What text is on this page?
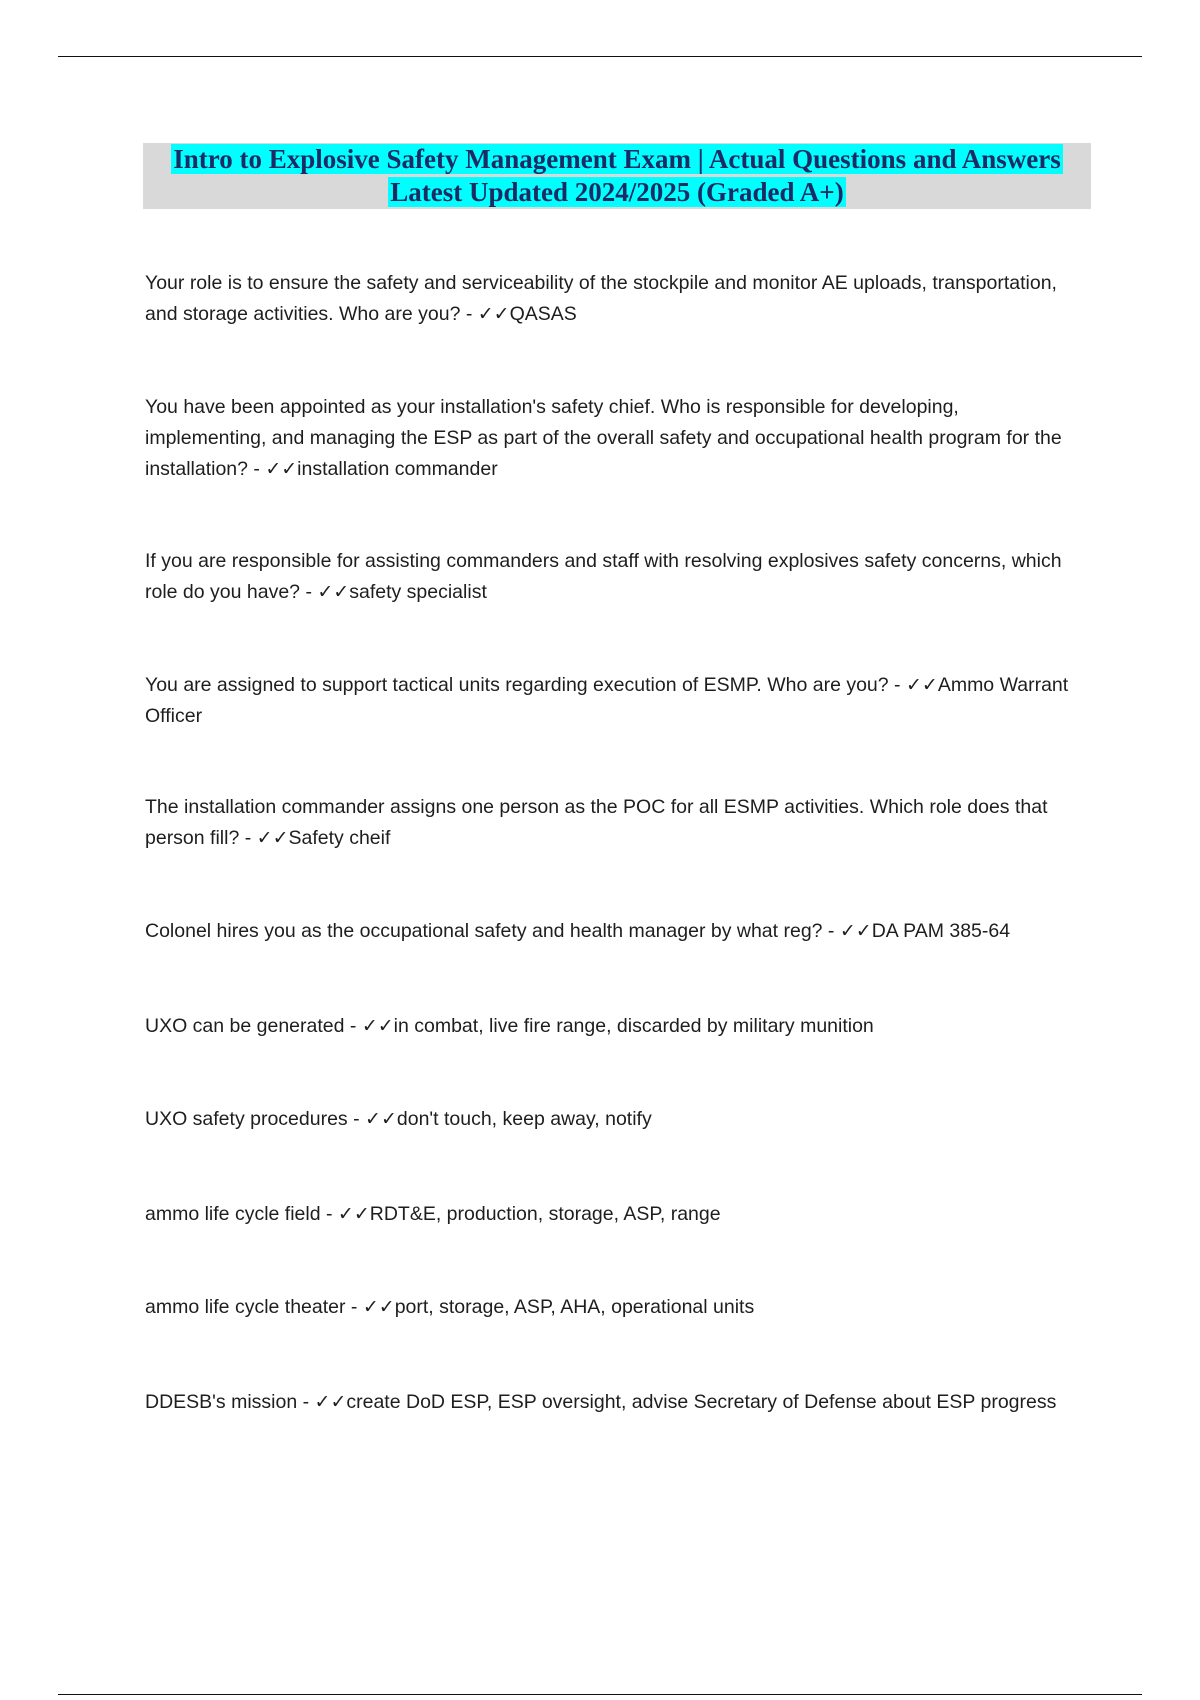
Intro to Explosive Safety Management Exam | Actual Questions and Answers
Latest Updated 2024/2025 (Graded A+)
Your role is to ensure the safety and serviceability of the stockpile and monitor AE uploads, transportation, and storage activities. Who are you? - ✓✓QASAS
You have been appointed as your installation's safety chief. Who is responsible for developing, implementing, and managing the ESP as part of the overall safety and occupational health program for the installation? - ✓✓installation commander
If you are responsible for assisting commanders and staff with resolving explosives safety concerns, which role do you have? - ✓✓safety specialist
You are assigned to support tactical units regarding execution of ESMP. Who are you? - ✓✓Ammo Warrant Officer
The installation commander assigns one person as the POC for all ESMP activities. Which role does that person fill? - ✓✓Safety cheif
Colonel hires you as the occupational safety and health manager by what reg? - ✓✓DA PAM 385-64
UXO can be generated - ✓✓in combat, live fire range, discarded by military munition
UXO safety procedures - ✓✓don't touch, keep away, notify
ammo life cycle field - ✓✓RDT&E, production, storage, ASP, range
ammo life cycle theater - ✓✓port, storage, ASP, AHA, operational units
DDESB's mission - ✓✓create DoD ESP, ESP oversight, advise Secretary of Defense about ESP progress
